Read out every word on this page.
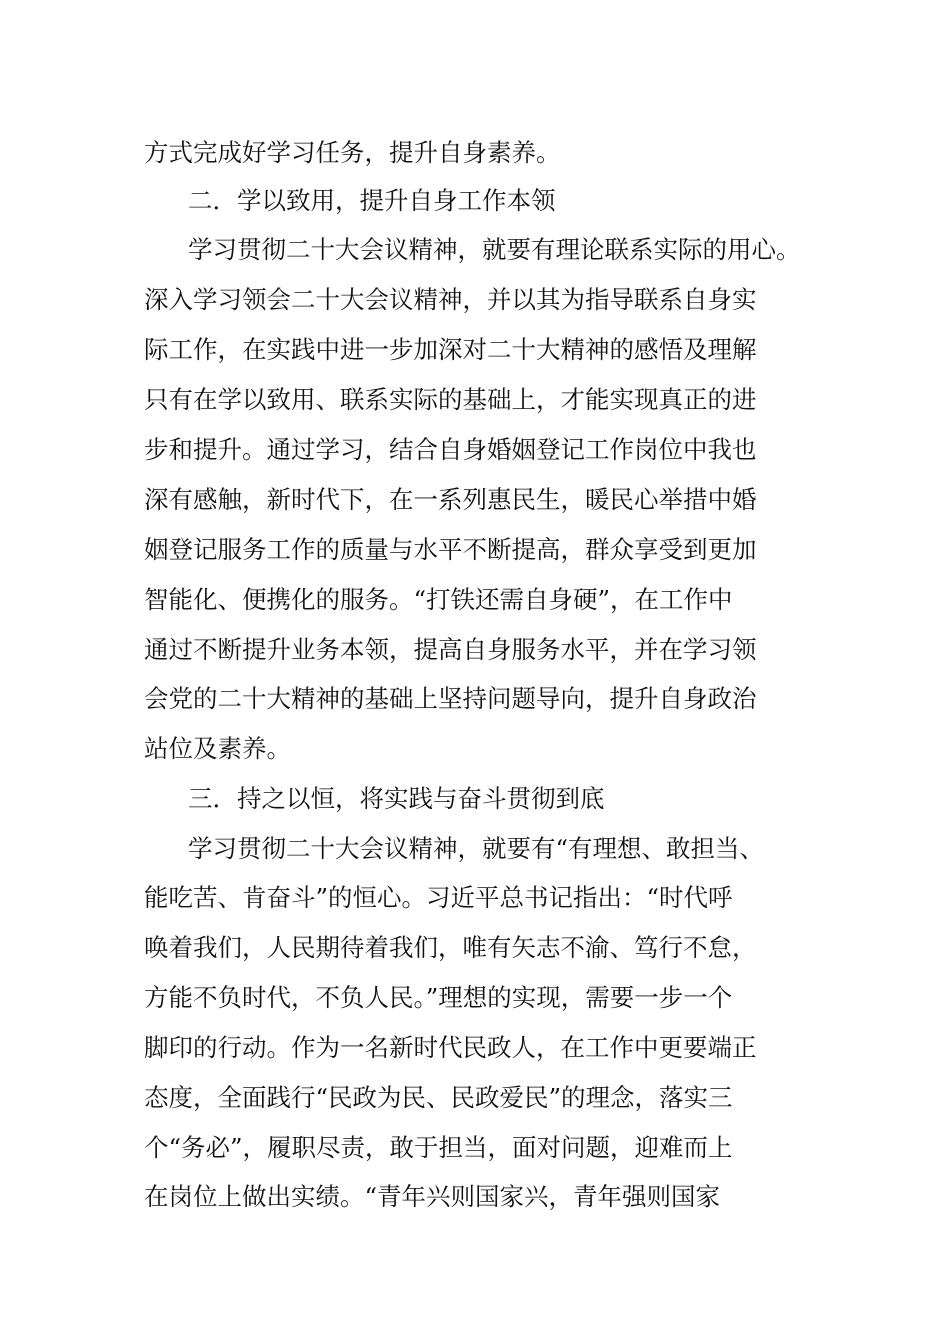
方式完成好学习任务，提升自身素养。
二．学以致用，提升自身工作本领
学习贯彻二十大会议精神，就要有理论联系实际的用心。
深入学习领会二十大会议精神，并以其为指导联系自身实
际工作，在实践中进一步加深对二十大精神的感悟及理解
只有在学以致用、联系实际的基础上，才能实现真正的进
步和提升。通过学习，结合自身婚姻登记工作岗位中我也
深有感触，新时代下，在一系列惠民生，暖民心举措中婚
姻登记服务工作的质量与水平不断提高，群众享受到更加
智能化、便携化的服务。“打铁还需自身硬”，在工作中
通过不断提升业务本领，提高自身服务水平，并在学习领
会党的二十大精神的基础上坚持问题导向，提升自身政治
站位及素养。
三．持之以恒，将实践与奋斗贯彻到底
学习贯彻二十大会议精神，就要有“有理想、敢担当、
能吃苦、肯奋斗”的恒心。习近平总书记指出：“时代呼
唤着我们，人民期待着我们，唯有矢志不渝、笃行不怠，
方能不负时代，不负人民。”理想的实现，需要一步一个
脚印的行动。作为一名新时代民政人，在工作中更要端正
态度，全面践行“民政为民、民政爱民”的理念，落实三
个“务必”，履职尽责，敢于担当，面对问题，迎难而上
在岗位上做出实绩。“青年兴则国家兴，青年强则国家
